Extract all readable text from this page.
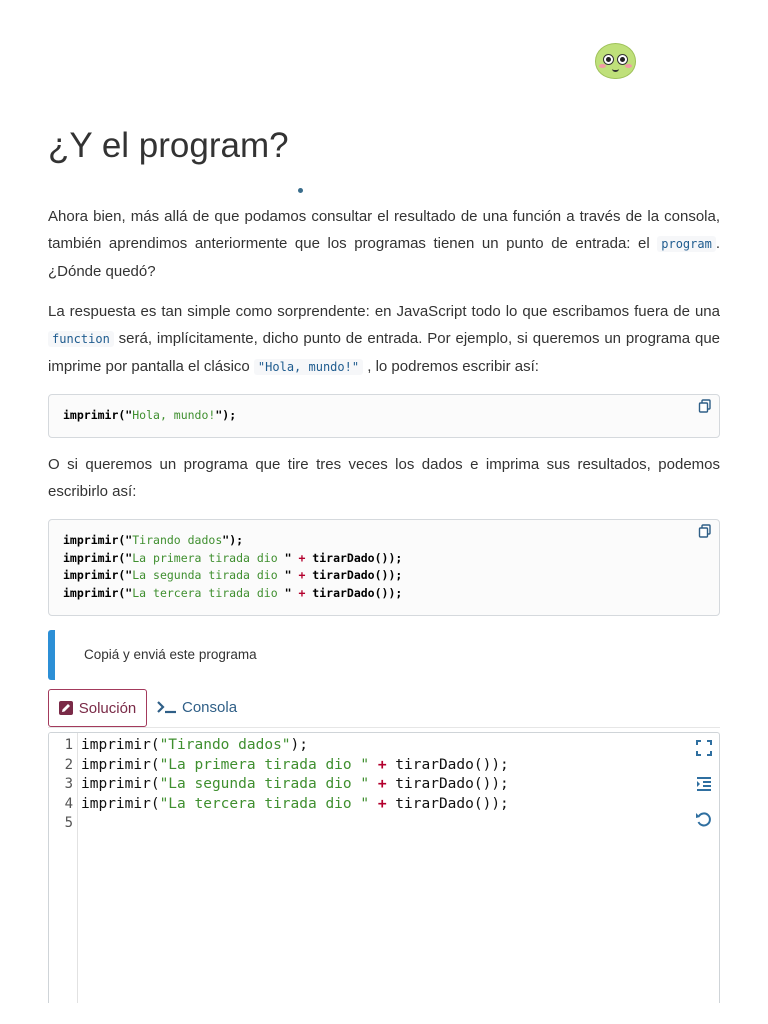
¿Y el program?

Ahora bien, más allá de que podamos consultar el resultado de una función a través de la consola, también aprendimos anteriormente que los programas tienen un punto de entrada: el program . ¿Dónde quedó?

La respuesta es tan simple como sorprendente: en JavaScript todo lo que escribamos fuera de una function será, implícitamente, dicho punto de entrada. Por ejemplo, si queremos un programa que imprime por pantalla el clásico "Hola, mundo!" , lo podremos escribir así:

imprimir("Hola, mundo!");

O si queremos un programa que tire tres veces los dados e imprima sus resultados, podemos escribirlo así:

imprimir("Tirando dados");
imprimir("La primera tirada dio " + tirarDado());
imprimir("La segunda tirada dio " + tirarDado());
imprimir("La tercera tirada dio " + tirarDado());
Copiá y enviá este programa
Solución	Consola
1
2
3
4
5
imprimir("Tirando dados");
imprimir("La primera tirada dio " + tirarDado());
imprimir("La segunda tirada dio " + tirarDado());
imprimir("La tercera tirada dio " + tirarDado());
